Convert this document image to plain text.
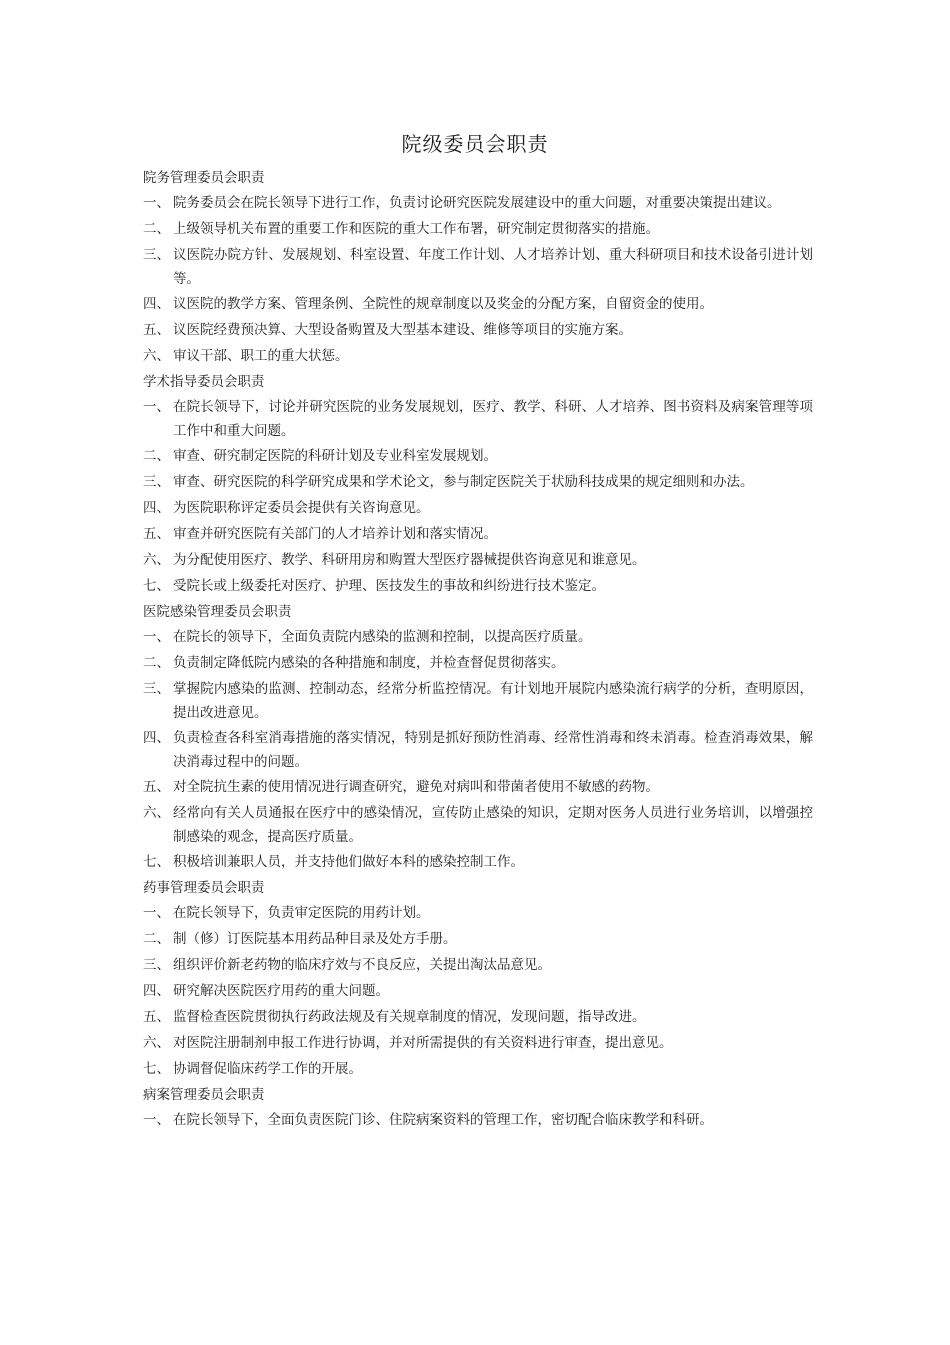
院级委员会职责
院务管理委员会职责
一、 院务委员会在院长领导下进行工作，负责讨论研究医院发展建设中的重大问题，对重要决策提出建议。
二、 上级领导机关布置的重要工作和医院的重大工作布署，研究制定贯彻落实的措施。
三、 议医院办院方针、发展规划、科室设置、年度工作计划、人才培养计划、重大科研项目和技术设备引进计划等。
四、 议医院的教学方案、管理条例、全院性的规章制度以及奖金的分配方案，自留资金的使用。
五、 议医院经费预决算、大型设备购置及大型基本建设、维修等项目的实施方案。
六、 审议干部、职工的重大状惩。
学术指导委员会职责
一、 在院长领导下，讨论并研究医院的业务发展规划，医疗、教学、科研、人才培养、图书资料及病案管理等项工作中和重大问题。
二、 审查、研究制定医院的科研计划及专业科室发展规划。
三、 审查、研究医院的科学研究成果和学术论文，参与制定医院关于状励科技成果的规定细则和办法。
四、 为医院职称评定委员会提供有关咨询意见。
五、 审查并研究医院有关部门的人才培养计划和落实情况。
六、 为分配使用医疗、教学、科研用房和购置大型医疗器械提供咨询意见和谁意见。
七、 受院长或上级委托对医疗、护理、医技发生的事故和纠纷进行技术鉴定。
医院感染管理委员会职责
一、 在院长的领导下，全面负责院内感染的监测和控制，以提高医疗质量。
二、 负责制定降低院内感染的各种措施和制度，并检查督促贯彻落实。
三、 掌握院内感染的监测、控制动态，经常分析监控情况。有计划地开展院内感染流行病学的分析，查明原因，提出改进意见。
四、 负责检查各科室消毒措施的落实情况，特别是抓好预防性消毒、经常性消毒和终未消毒。检查消毒效果，解决消毒过程中的问题。
五、 对全院抗生素的使用情况进行调查研究，避免对病叫和带菌者使用不敏感的药物。
六、 经常向有关人员通报在医疗中的感染情况，宣传防止感染的知识，定期对医务人员进行业务培训，以增强控制感染的观念，提高医疗质量。
七、 积极培训兼职人员，并支持他们做好本科的感染控制工作。
药事管理委员会职责
一、 在院长领导下，负责审定医院的用药计划。
二、 制（修）订医院基本用药品种目录及处方手册。
三、 组织评价新老药物的临床疗效与不良反应，关提出淘汰品意见。
四、 研究解决医院医疗用药的重大问题。
五、 监督检查医院贯彻执行药政法规及有关规章制度的情况，发现问题，指导改进。
六、 对医院注册制剂申报工作进行协调，并对所需提供的有关资料进行审查，提出意见。
七、 协调督促临床药学工作的开展。
病案管理委员会职责
一、 在院长领导下，全面负责医院门诊、住院病案资料的管理工作，密切配合临床教学和科研。
